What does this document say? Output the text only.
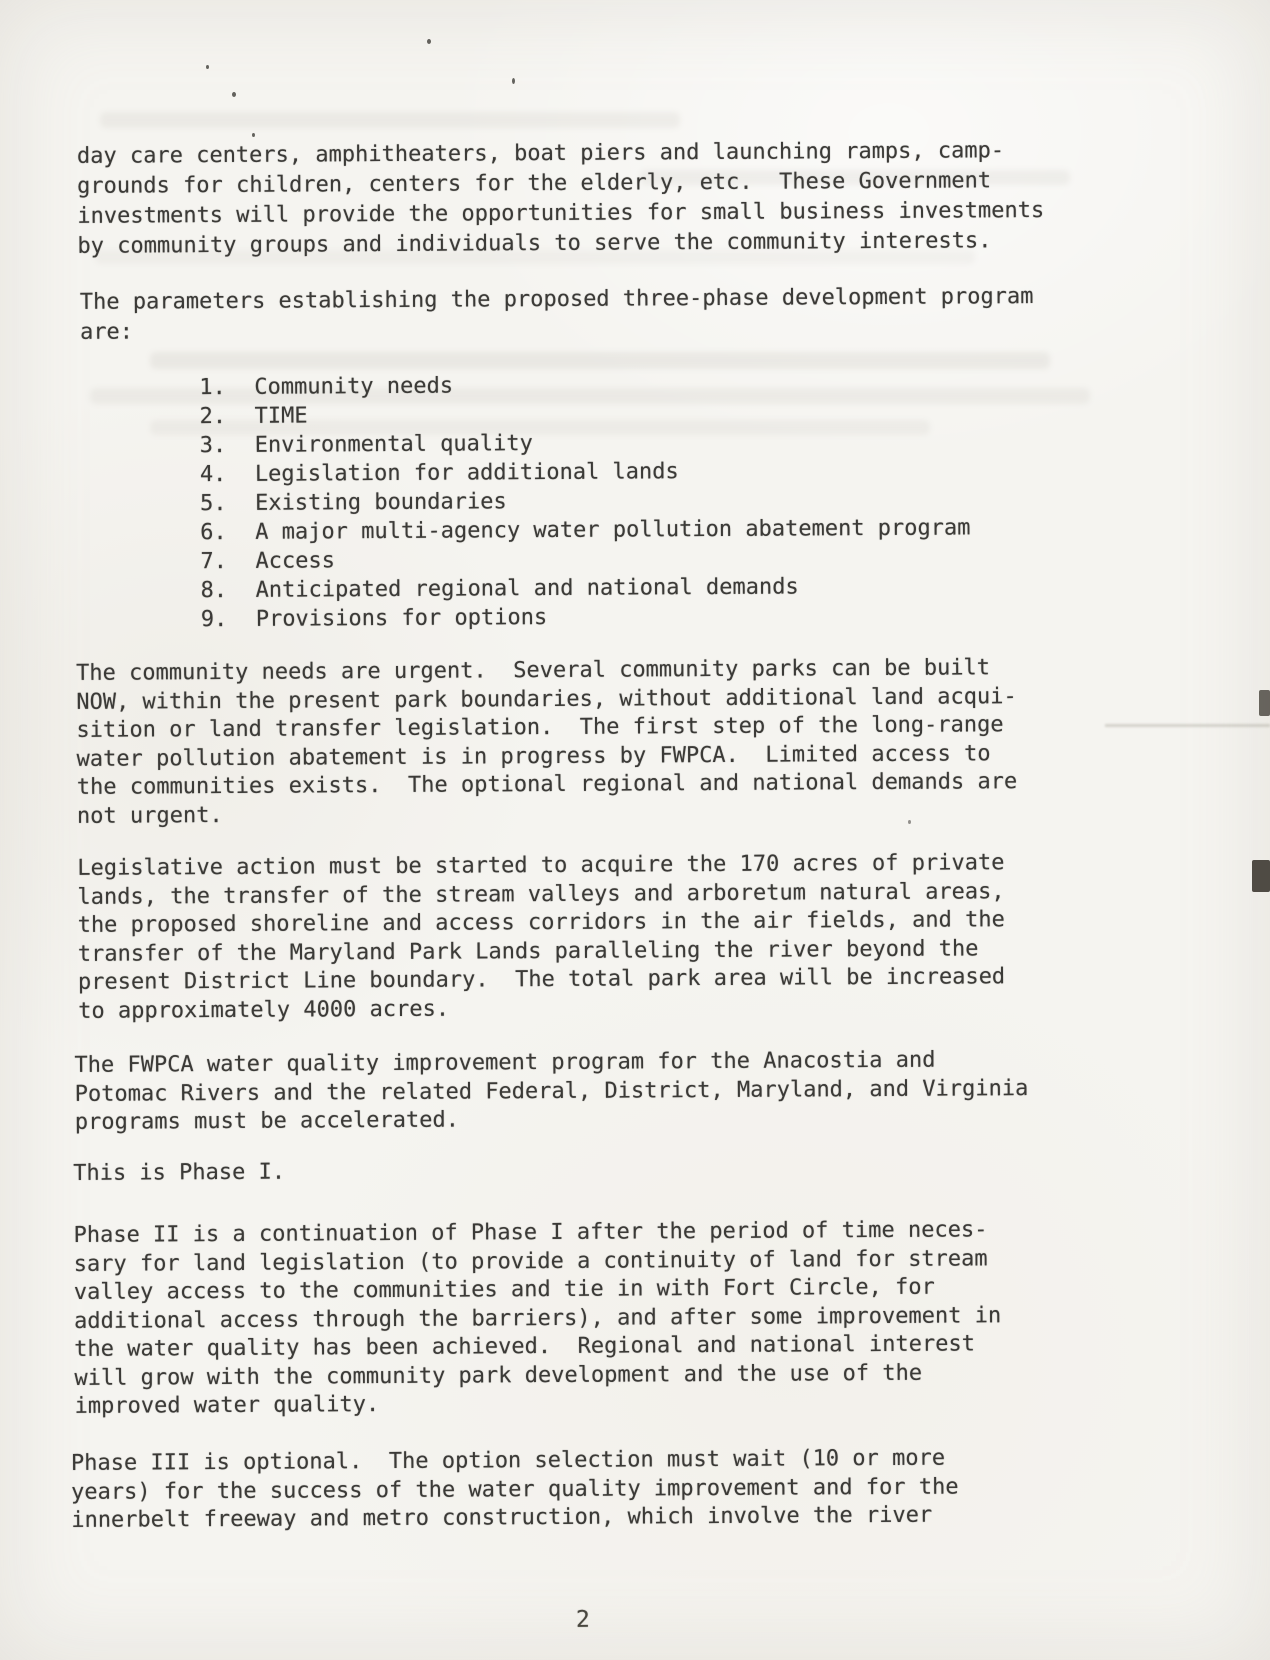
day care centers, amphitheaters, boat piers and launching ramps, camp-
grounds for children, centers for the elderly, etc.  These Government
investments will provide the opportunities for small business investments
by community groups and individuals to serve the community interests.
The parameters establishing the proposed three-phase development program
are:
1.	Community needs
2.	TIME
3.	Environmental quality
4.	Legislation for additional lands
5.	Existing boundaries
6.	A major multi-agency water pollution abatement program
7.	Access
8.	Anticipated regional and national demands
9.	Provisions for options
The community needs are urgent.  Several community parks can be built
NOW, within the present park boundaries, without additional land acqui-
sition or land transfer legislation.  The first step of the long-range
water pollution abatement is in progress by FWPCA.  Limited access to
the communities exists.  The optional regional and national demands are
not urgent.
Legislative action must be started to acquire the 170 acres of private
lands, the transfer of the stream valleys and arboretum natural areas,
the proposed shoreline and access corridors in the air fields, and the
transfer of the Maryland Park Lands paralleling the river beyond the
present District Line boundary.  The total park area will be increased
to approximately 4000 acres.
The FWPCA water quality improvement program for the Anacostia and
Potomac Rivers and the related Federal, District, Maryland, and Virginia
programs must be accelerated.
This is Phase I.
Phase II is a continuation of Phase I after the period of time neces-
sary for land legislation (to provide a continuity of land for stream
valley access to the communities and tie in with Fort Circle, for
additional access through the barriers), and after some improvement in
the water quality has been achieved.  Regional and national interest
will grow with the community park development and the use of the
improved water quality.
Phase III is optional.  The option selection must wait (10 or more
years) for the success of the water quality improvement and for the
innerbelt freeway and metro construction, which involve the river
2
